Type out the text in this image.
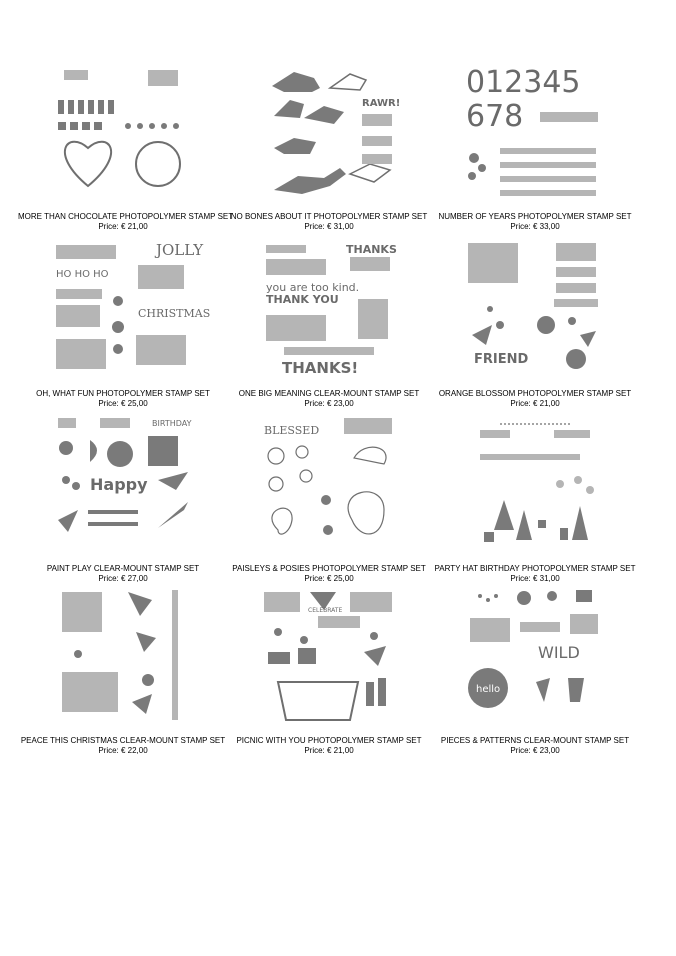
MORE THAN CHOCOLATE PHOTOPOLYMER STAMP SET
Price: € 21,00
RAWR!
NO BONES ABOUT IT PHOTOPOLYMER STAMP SET
Price: € 31,00
012345
678
NUMBER OF YEARS PHOTOPOLYMER STAMP SET
Price: € 33,00
JOLLY
HO HO HO
CHRISTMAS
OH, WHAT FUN PHOTOPOLYMER STAMP SET
Price: € 25,00
THANKS
you are too kind.
THANK YOU
THANKS!
ONE BIG MEANING CLEAR-MOUNT STAMP SET
Price: € 23,00
FRIEND
ORANGE BLOSSOM PHOTOPOLYMER STAMP SET
Price: € 21,00
BIRTHDAY
Happy
PAINT PLAY CLEAR-MOUNT STAMP SET
Price: € 27,00
BLESSED
PAISLEYS & POSIES PHOTOPOLYMER STAMP SET
Price: € 25,00
PARTY HAT BIRTHDAY PHOTOPOLYMER STAMP SET
Price: € 31,00
PEACE THIS CHRISTMAS CLEAR-MOUNT STAMP SET
Price: € 22,00
CELEBRATE
PICNIC WITH YOU PHOTOPOLYMER STAMP SET
Price: € 21,00
WILD
hello
PIECES & PATTERNS CLEAR-MOUNT STAMP SET
Price: € 23,00
